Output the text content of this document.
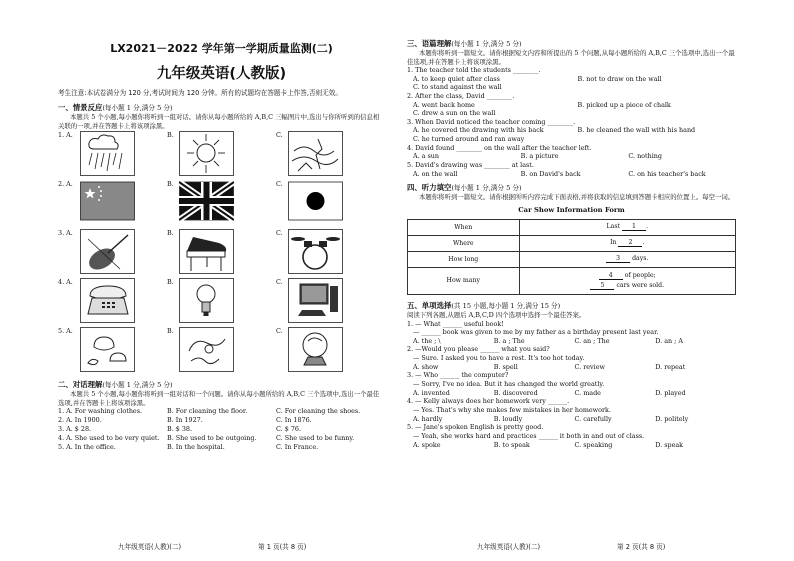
LX2021－2022 学年第一学期质量监测(二)
九年级英语(人教版)
考生注意:本试卷满分为 120 分,考试时间为 120 分钟。所有的试题均在答题卡上作答,否则无效。
一、情景反应(每小题 1 分,满分 5 分)
本题共 5 个小题,每小题你将听到一组对话。请你从每小题所给的 A,B,C 三幅图片中,选出与你所听到的信息相关联的一项,并在答题卡上将该项涂黑。
1. A.	B.	C.
2. A.	B.	C.
3. A.	B.	C.
4. A.	B.	C.
5. A.	B.	C.
二、对话理解(每小题 1 分,满分 5 分)
本题共 5 个小题,每小题你将听到一组对话和一个问题。请你从每小题所给的 A,B,C 三个选项中,选出一个最佳选项,并在答题卡上将该项涂黑。
1. A. For washing clothes.	B. For cleaning the floor.	C. For cleaning the shoes.
2. A. In 1900.	B. In 1927.	C. In 1876.
3. A. $ 28.	B. $ 38.	C. $ 76.
4. A. She used to be very quiet.	B. She used to be outgoing.	C. She used to be funny.
5. A. In the office.	B. In the hospital.	C. In France.
九年级英语(人教)(二)	第 1 页(共 8 页)
三、语篇理解(每小题 1 分,满分 5 分)
本题你将听到一篇短文。请你根据短文内容和所提出的 5 个问题,从每小题所给的 A,B,C 三个选项中,选出一个最佳选项,并在答题卡上将该项涂黑。
1. The teacher told the students ________.
A. to keep quiet after class	B. not to draw on the wall
C. to stand against the wall
2. After the class, David ________.
A. went back home	B. picked up a piece of chalk
C. drew a sun on the wall
3. When David noticed the teacher coming ________.
A. he covered the drawing with his back	B. he cleaned the wall with his hand
C. he turned around and ran away
4. David found ________ on the wall after the teacher left.
A. a sun	B. a picture	C. nothing
5. David's drawing was ________ at last.
A. on the wall	B. on David's back	C. on his teacher's back
四、听力填空(每小题 1 分,满分 5 分)
本题你将听到一篇短文。请你根据所听内容完成下面表格,并将获取的信息填到答题卡相应的位置上。每空一词。
Car Show Information Form
When	Last 1 .
Where	In 2 .
How long	3 days.
How many	4 of people;
5 cars were sold.
五、单项选择(共 15 小题,每小题 1 分,满分 15 分)
阅读下列各题,从题后 A,B,C,D 四个选项中选择一个最佳答案。
1. — What ______ useful book!
— ______ book was given to me by my father as a birthday present last year.
A. the ; \	B. a ; The	C. an ; The	D. an ; A
2. —Would you please ______ what you said?
— Sure. I asked you to have a rest. It's too hot today.
A. show	B. spell	C. review	D. repeat
3. — Who ______ the computer?
— Sorry, I've no idea. But it has changed the world greatly.
A. invented	B. discovered	C. made	D. played
4. — Kelly always does her homework very ______.
— Yes. That's why she makes few mistakes in her homework.
A. hardly	B. loudly	C. carefully	D. politely
5. — Jane's spoken English is pretty good.
— Yeah, she works hard and practices ______ it both in and out of class.
A. spoke	B. to speak	C. speaking	D. speak
九年级英语(人教)(二)	第 2 页(共 8 页)
